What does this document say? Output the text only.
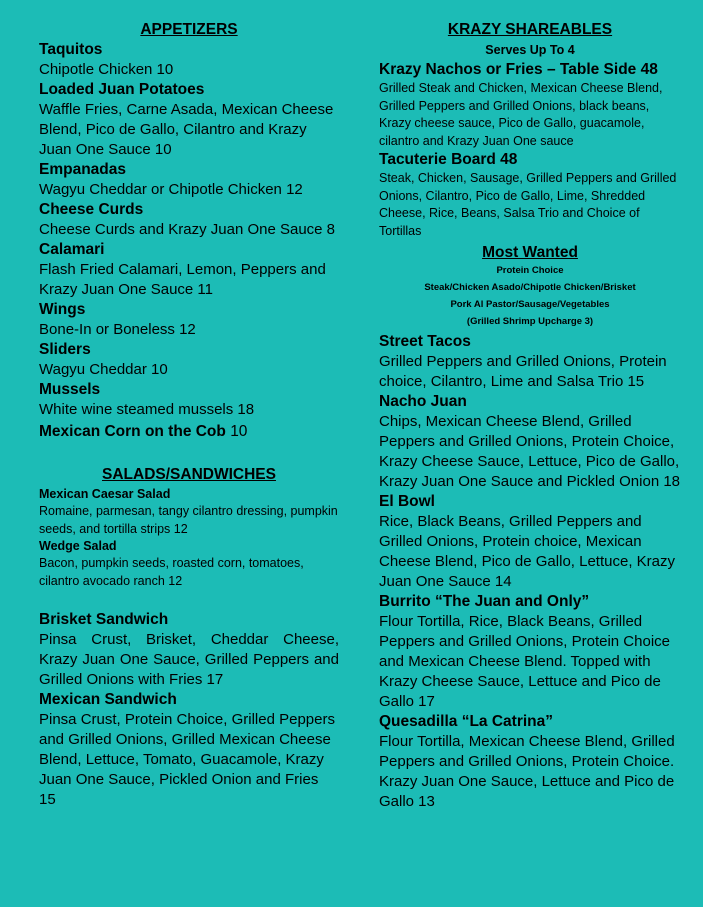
APPETIZERS
Taquitos
Chipotle Chicken 10
Loaded Juan Potatoes
Waffle Fries, Carne Asada, Mexican Cheese Blend, Pico de Gallo, Cilantro and Krazy Juan One Sauce 10
Empanadas
Wagyu Cheddar or Chipotle Chicken 12
Cheese Curds
Cheese Curds and Krazy Juan One Sauce 8
Calamari
Flash Fried Calamari, Lemon, Peppers and Krazy Juan One Sauce 11
Wings
Bone-In or Boneless 12
Sliders
Wagyu Cheddar 10
Mussels
White wine steamed mussels 18
Mexican Corn on the Cob 10
SALADS/SANDWICHES
Mexican Caesar Salad
Romaine, parmesan, tangy cilantro dressing, pumpkin seeds, and tortilla strips 12
Wedge Salad
Bacon, pumpkin seeds, roasted corn, tomatoes, cilantro avocado ranch 12
Brisket Sandwich
Pinsa Crust, Brisket, Cheddar Cheese, Krazy Juan One Sauce, Grilled Peppers and Grilled Onions with Fries 17
Mexican Sandwich
Pinsa Crust, Protein Choice, Grilled Peppers and Grilled Onions, Grilled Mexican Cheese Blend, Lettuce, Tomato, Guacamole, Krazy Juan One Sauce, Pickled Onion and Fries 15
KRAZY SHAREABLES
Serves Up To 4
Krazy Nachos or Fries – Table Side 48
Grilled Steak and Chicken, Mexican Cheese Blend, Grilled Peppers and Grilled Onions, black beans, Krazy cheese sauce, Pico de Gallo, guacamole, cilantro and Krazy Juan One sauce
Tacuterie Board 48
Steak, Chicken, Sausage, Grilled Peppers and Grilled Onions, Cilantro, Pico de Gallo, Lime, Shredded Cheese, Rice, Beans, Salsa Trio and Choice of Tortillas
Most Wanted
Protein Choice
Steak/Chicken Asado/Chipotle Chicken/Brisket
Pork Al Pastor/Sausage/Vegetables
(Grilled Shrimp Upcharge 3)
Street Tacos
Grilled Peppers and Grilled Onions, Protein choice, Cilantro, Lime and Salsa Trio 15
Nacho Juan
Chips, Mexican Cheese Blend, Grilled Peppers and Grilled Onions, Protein Choice, Krazy Cheese Sauce, Lettuce, Pico de Gallo, Krazy Juan One Sauce and Pickled Onion 18
El Bowl
Rice, Black Beans, Grilled Peppers and Grilled Onions, Protein choice, Mexican Cheese Blend, Pico de Gallo, Lettuce, Krazy Juan One Sauce 14
Burrito “The Juan and Only”
Flour Tortilla, Rice, Black Beans, Grilled Peppers and Grilled Onions, Protein Choice and Mexican Cheese Blend. Topped with Krazy Cheese Sauce, Lettuce and Pico de Gallo 17
Quesadilla “La Catrina”
Flour Tortilla, Mexican Cheese Blend, Grilled Peppers and Grilled Onions, Protein Choice. Krazy Juan One Sauce, Lettuce and Pico de Gallo 13
